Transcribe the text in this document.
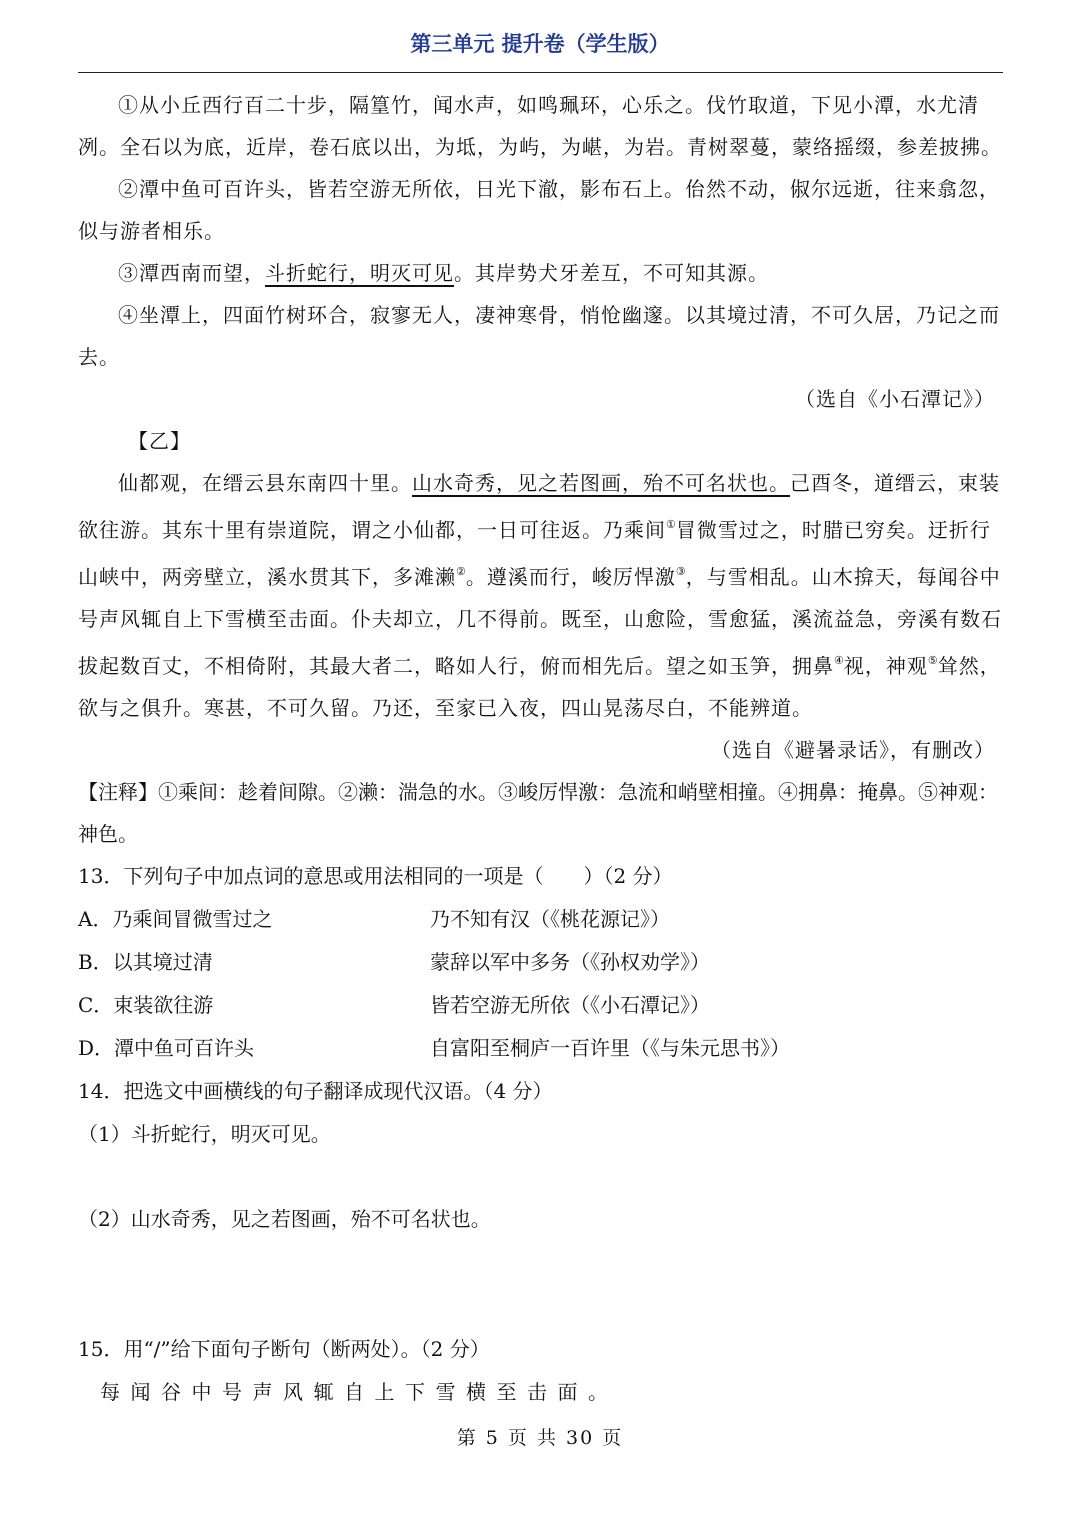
第三单元 提升卷（学生版）

①从小丘西行百二十步，隔篁竹，闻水声，如鸣珮环，心乐之。伐竹取道，下见小潭，水尤清冽。全石以为底，近岸，卷石底以出，为坻，为屿，为嵁，为岩。青树翠蔓，蒙络摇缀，参差披拂。

②潭中鱼可百许头，皆若空游无所依，日光下澈，影布石上。佁然不动，俶尔远逝，往来翕忽，似与游者相乐。

③潭西南而望，斗折蛇行，明灭可见。其岸势犬牙差互，不可知其源。

④坐潭上，四面竹树环合，寂寥无人，凄神寒骨，悄怆幽邃。以其境过清，不可久居，乃记之而去。

（选自《小石潭记》）

【乙】

仙都观，在缙云县东南四十里。山水奇秀，见之若图画，殆不可名状也。己酉冬，道缙云，束装欲往游。其东十里有崇道院，谓之小仙都，一日可往返。乃乘间①冒微雪过之，时腊已穷矣。迂折行山峡中，两旁壁立，溪水贯其下，多滩濑②。遵溪而行，峻厉悍激③，与雪相乱。山木揜天，每闻谷中号声风辄自上下雪横至击面。仆夫却立，几不得前。既至，山愈险，雪愈猛，溪流益急，旁溪有数石拔起数百丈，不相倚附，其最大者二，略如人行，俯而相先后。望之如玉笋，拥鼻④视，神观⑤耸然，欲与之俱升。寒甚，不可久留。乃还，至家已入夜，四山晃荡尽白，不能辨道。

（选自《避暑录话》，有删改）

【注释】①乘间：趁着间隙。②濑：湍急的水。③峻厉悍激：急流和峭壁相撞。④拥鼻：掩鼻。⑤神观：神色。

13．下列句子中加点词的意思或用法相同的一项是（　　）（2 分）

A．乃乘间冒微雪过之	乃不知有汉（《桃花源记》）
B．以其境过清	蒙辞以军中多务（《孙权劝学》）
C．束装欲往游	皆若空游无所依（《小石潭记》）
D．潭中鱼可百许头	自富阳至桐庐一百许里（《与朱元思书》）

14．把选文中画横线的句子翻译成现代汉语。（4 分）

（1）斗折蛇行，明灭可见。

（2）山水奇秀，见之若图画，殆不可名状也。

15．用“/”给下面句子断句（断两处）。（2 分）

每闻谷中号声风辄自上下雪横至击面。
第 5 页 共 30 页
